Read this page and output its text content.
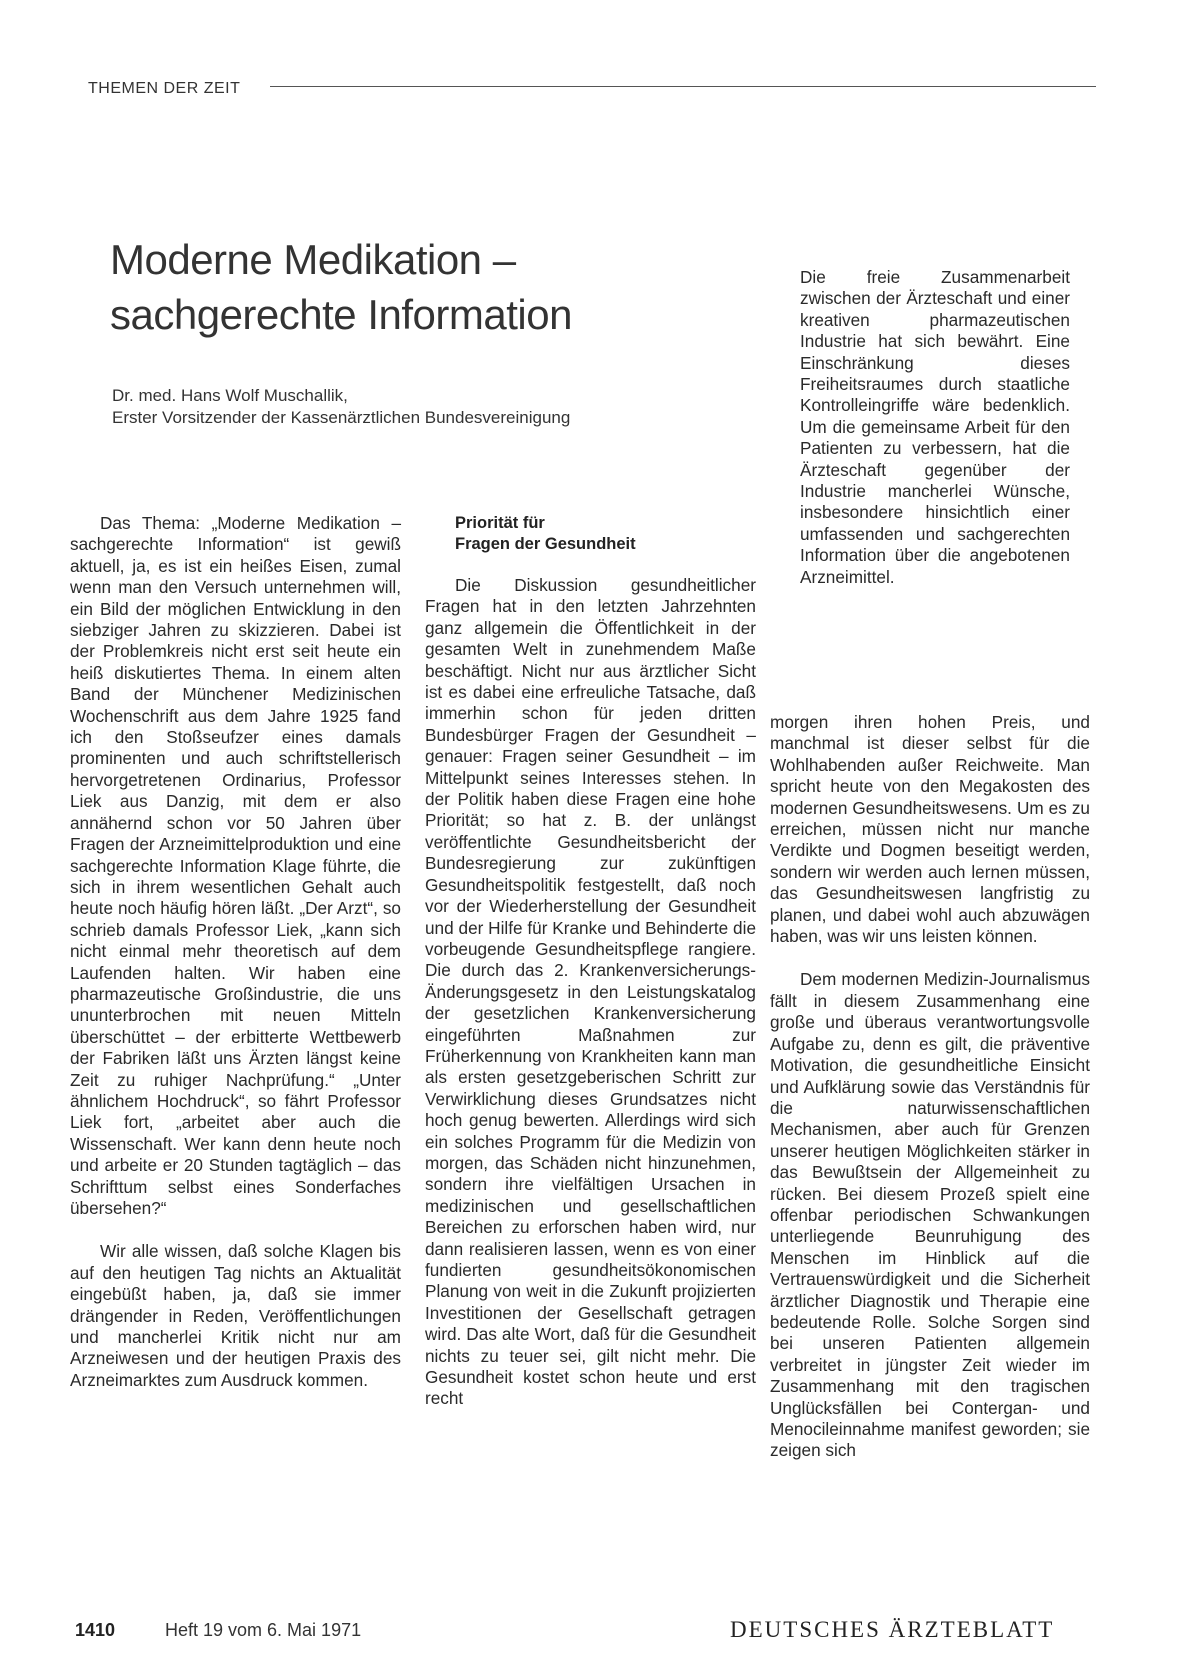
THEMEN DER ZEIT
Moderne Medikation –
sachgerechte Information
Dr. med. Hans Wolf Muschallik,
Erster Vorsitzender der Kassenärztlichen Bundesvereinigung

Das Thema: „Moderne Medikation – sachgerechte Information“ ist gewiß aktuell, ja, es ist ein heißes Eisen, zumal wenn man den Versuch unternehmen will, ein Bild der möglichen Entwicklung in den siebziger Jahren zu skizzieren. Dabei ist der Problemkreis nicht erst seit heute ein heiß diskutiertes Thema. In einem alten Band der Münchener Medizinischen Wochenschrift aus dem Jahre 1925 fand ich den Stoßseufzer eines damals prominenten und auch schriftstellerisch hervorgetretenen Ordinarius, Professor Liek aus Danzig, mit dem er also annähernd schon vor 50 Jahren über Fragen der Arzneimittelproduktion und eine sachgerechte Information Klage führte, die sich in ihrem wesentlichen Gehalt auch heute noch häufig hören läßt. „Der Arzt“, so schrieb damals Professor Liek, „kann sich nicht einmal mehr theoretisch auf dem Laufenden halten. Wir haben eine pharmazeutische Großindustrie, die uns ununterbrochen mit neuen Mitteln überschüttet – der erbitterte Wettbewerb der Fabriken läßt uns Ärzten längst keine Zeit zu ruhiger Nachprüfung.“ „Unter ähnlichem Hochdruck“, so fährt Professor Liek fort, „arbeitet aber auch die Wissenschaft. Wer kann denn heute noch und arbeite er 20 Stunden tagtäglich – das Schrifttum selbst eines Sonderfaches übersehen?“

Wir alle wissen, daß solche Klagen bis auf den heutigen Tag nichts an Aktualität eingebüßt haben, ja, daß sie immer drängender in Reden, Veröffentlichungen und mancherlei Kritik nicht nur am Arzneiwesen und der heutigen Praxis des Arzneimarktes zum Ausdruck kommen.

Priorität für
Fragen der Gesundheit

Die Diskussion gesundheitlicher Fragen hat in den letzten Jahrzehnten ganz allgemein die Öffentlichkeit in der gesamten Welt in zunehmendem Maße beschäftigt. Nicht nur aus ärztlicher Sicht ist es dabei eine erfreuliche Tatsache, daß immerhin schon für jeden dritten Bundesbürger Fragen der Gesundheit – genauer: Fragen seiner Gesundheit – im Mittelpunkt seines Interesses stehen. In der Politik haben diese Fragen eine hohe Priorität; so hat z. B. der unlängst veröffentlichte Gesundheitsbericht der Bundesregierung zur zukünftigen Gesundheitspolitik festgestellt, daß noch vor der Wiederherstellung der Gesundheit und der Hilfe für Kranke und Behinderte die vorbeugende Gesundheitspflege rangiere. Die durch das 2. Krankenversicherungs-Änderungsgesetz in den Leistungskatalog der gesetzlichen Krankenversicherung eingeführten Maßnahmen zur Früherkennung von Krankheiten kann man als ersten gesetzgeberischen Schritt zur Verwirklichung dieses Grundsatzes nicht hoch genug bewerten. Allerdings wird sich ein solches Programm für die Medizin von morgen, das Schäden nicht hinzunehmen, sondern ihre vielfältigen Ursachen in medizinischen und gesellschaftlichen Bereichen zu erforschen haben wird, nur dann realisieren lassen, wenn es von einer fundierten gesundheitsökonomischen Planung von weit in die Zukunft projizierten Investitionen der Gesellschaft getragen wird. Das alte Wort, daß für die Gesundheit nichts zu teuer sei, gilt nicht mehr. Die Gesundheit kostet schon heute und erst recht

Die freie Zusammenarbeit zwischen der Ärzteschaft und einer kreativen pharmazeutischen Industrie hat sich bewährt. Eine Einschränkung dieses Freiheitsraumes durch staatliche Kontrolleingriffe wäre bedenklich. Um die gemeinsame Arbeit für den Patienten zu verbessern, hat die Ärzteschaft gegenüber der Industrie mancherlei Wünsche, insbesondere hinsichtlich einer umfassenden und sachgerechten Information über die angebotenen Arzneimittel.

morgen ihren hohen Preis, und manchmal ist dieser selbst für die Wohlhabenden außer Reichweite. Man spricht heute von den Megakosten des modernen Gesundheitswesens. Um es zu erreichen, müssen nicht nur manche Verdikte und Dogmen beseitigt werden, sondern wir werden auch lernen müssen, das Gesundheitswesen langfristig zu planen, und dabei wohl auch abzuwägen haben, was wir uns leisten können.

Dem modernen Medizin-Journalismus fällt in diesem Zusammenhang eine große und überaus verantwortungsvolle Aufgabe zu, denn es gilt, die präventive Motivation, die gesundheitliche Einsicht und Aufklärung sowie das Verständnis für die naturwissenschaftlichen Mechanismen, aber auch für Grenzen unserer heutigen Möglichkeiten stärker in das Bewußtsein der Allgemeinheit zu rücken. Bei diesem Prozeß spielt eine offenbar periodischen Schwankungen unterliegende Beunruhigung des Menschen im Hinblick auf die Vertrauenswürdigkeit und die Sicherheit ärztlicher Diagnostik und Therapie eine bedeutende Rolle. Solche Sorgen sind bei unseren Patienten allgemein verbreitet in jüngster Zeit wieder im Zusammenhang mit den tragischen Unglücksfällen bei Contergan- und Menocileinnahme manifest geworden; sie zeigen sich

1410	Heft 19 vom 6. Mai 1971	DEUTSCHES ÄRZTEBLATT
